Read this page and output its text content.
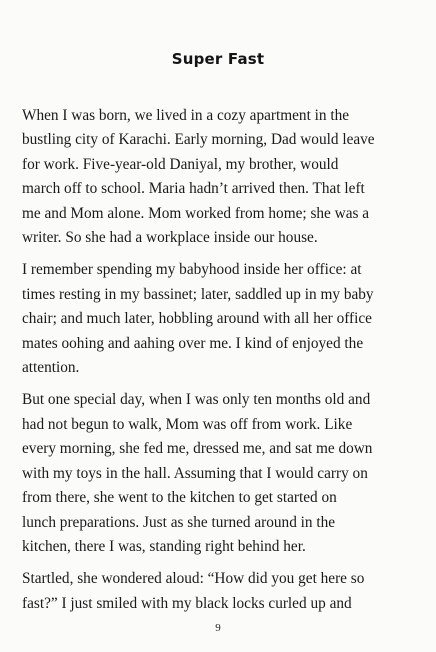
Super Fast

When I was born, we lived in a cozy apartment in the
bustling city of Karachi. Early morning, Dad would leave
for work. Five-year-old Daniyal, my brother, would
march off to school. Maria hadn’t arrived then. That left
me and Mom alone. Mom worked from home; she was a
writer. So she had a workplace inside our house.

I remember spending my babyhood inside her office: at
times resting in my bassinet; later, saddled up in my baby
chair; and much later, hobbling around with all her office
mates oohing and aahing over me. I kind of enjoyed the
attention.

But one special day, when I was only ten months old and
had not begun to walk, Mom was off from work. Like
every morning, she fed me, dressed me, and sat me down
with my toys in the hall. Assuming that I would carry on
from there, she went to the kitchen to get started on
lunch preparations. Just as she turned around in the
kitchen, there I was, standing right behind her.

Startled, she wondered aloud: “How did you get here so
fast?” I just smiled with my black locks curled up and

9
